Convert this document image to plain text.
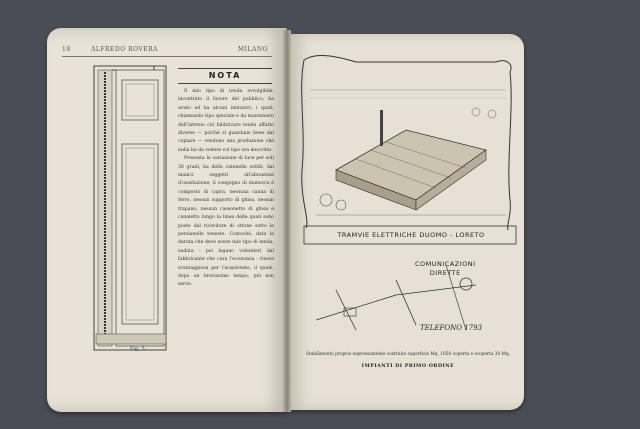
18	ALFREDO ROVERA	MILANO
Fig. 5.
NOTA

Il mio tipo di tenda avvolgibile, incontrato il favore del pubblico, ha avuto ed ha alcuni imitatori, i quali, chiamando tipo speciale e da mantenersi dell'interno col fabbricare tende affatto diverse — poichè si guardano bene dal copiare — vendono una produzione che nulla ha da vedere col tipo ora descritto.

Presenta la variazione di luce per soli 30 gradi; ha delle catenelle sottili, dai manici soggetti all'abrasione d'ossidazione; il congegno di manovra è composto di capra, nessuna canna di ferro, nessun supporto di ghisa, nessun trapano, nessun cassonetto di ghisa e canaletto lungo la linea delle quali sono poste dal ricevitore di ottone sotto le persianelle teneste. Costoché, data la durata che deve avere tale tipo di tenda, sudata - poi legano volentieri dal fabbricante che cura l'economia - riesce svantaggiosa per l'acquirente, il quale, dopo un brevissimo tempo, più non serve.

TRAMVIE ELETTRICHE DUOMO - LORETO
COMUNICAZIONI
DIRETTE
TELEFONO 1793
Stabilimento proprio espressamente costruito superficie Mq. 1050 coperta e scoperta 30 Mq.
IMPIANTI DI PRIMO ORDINE
